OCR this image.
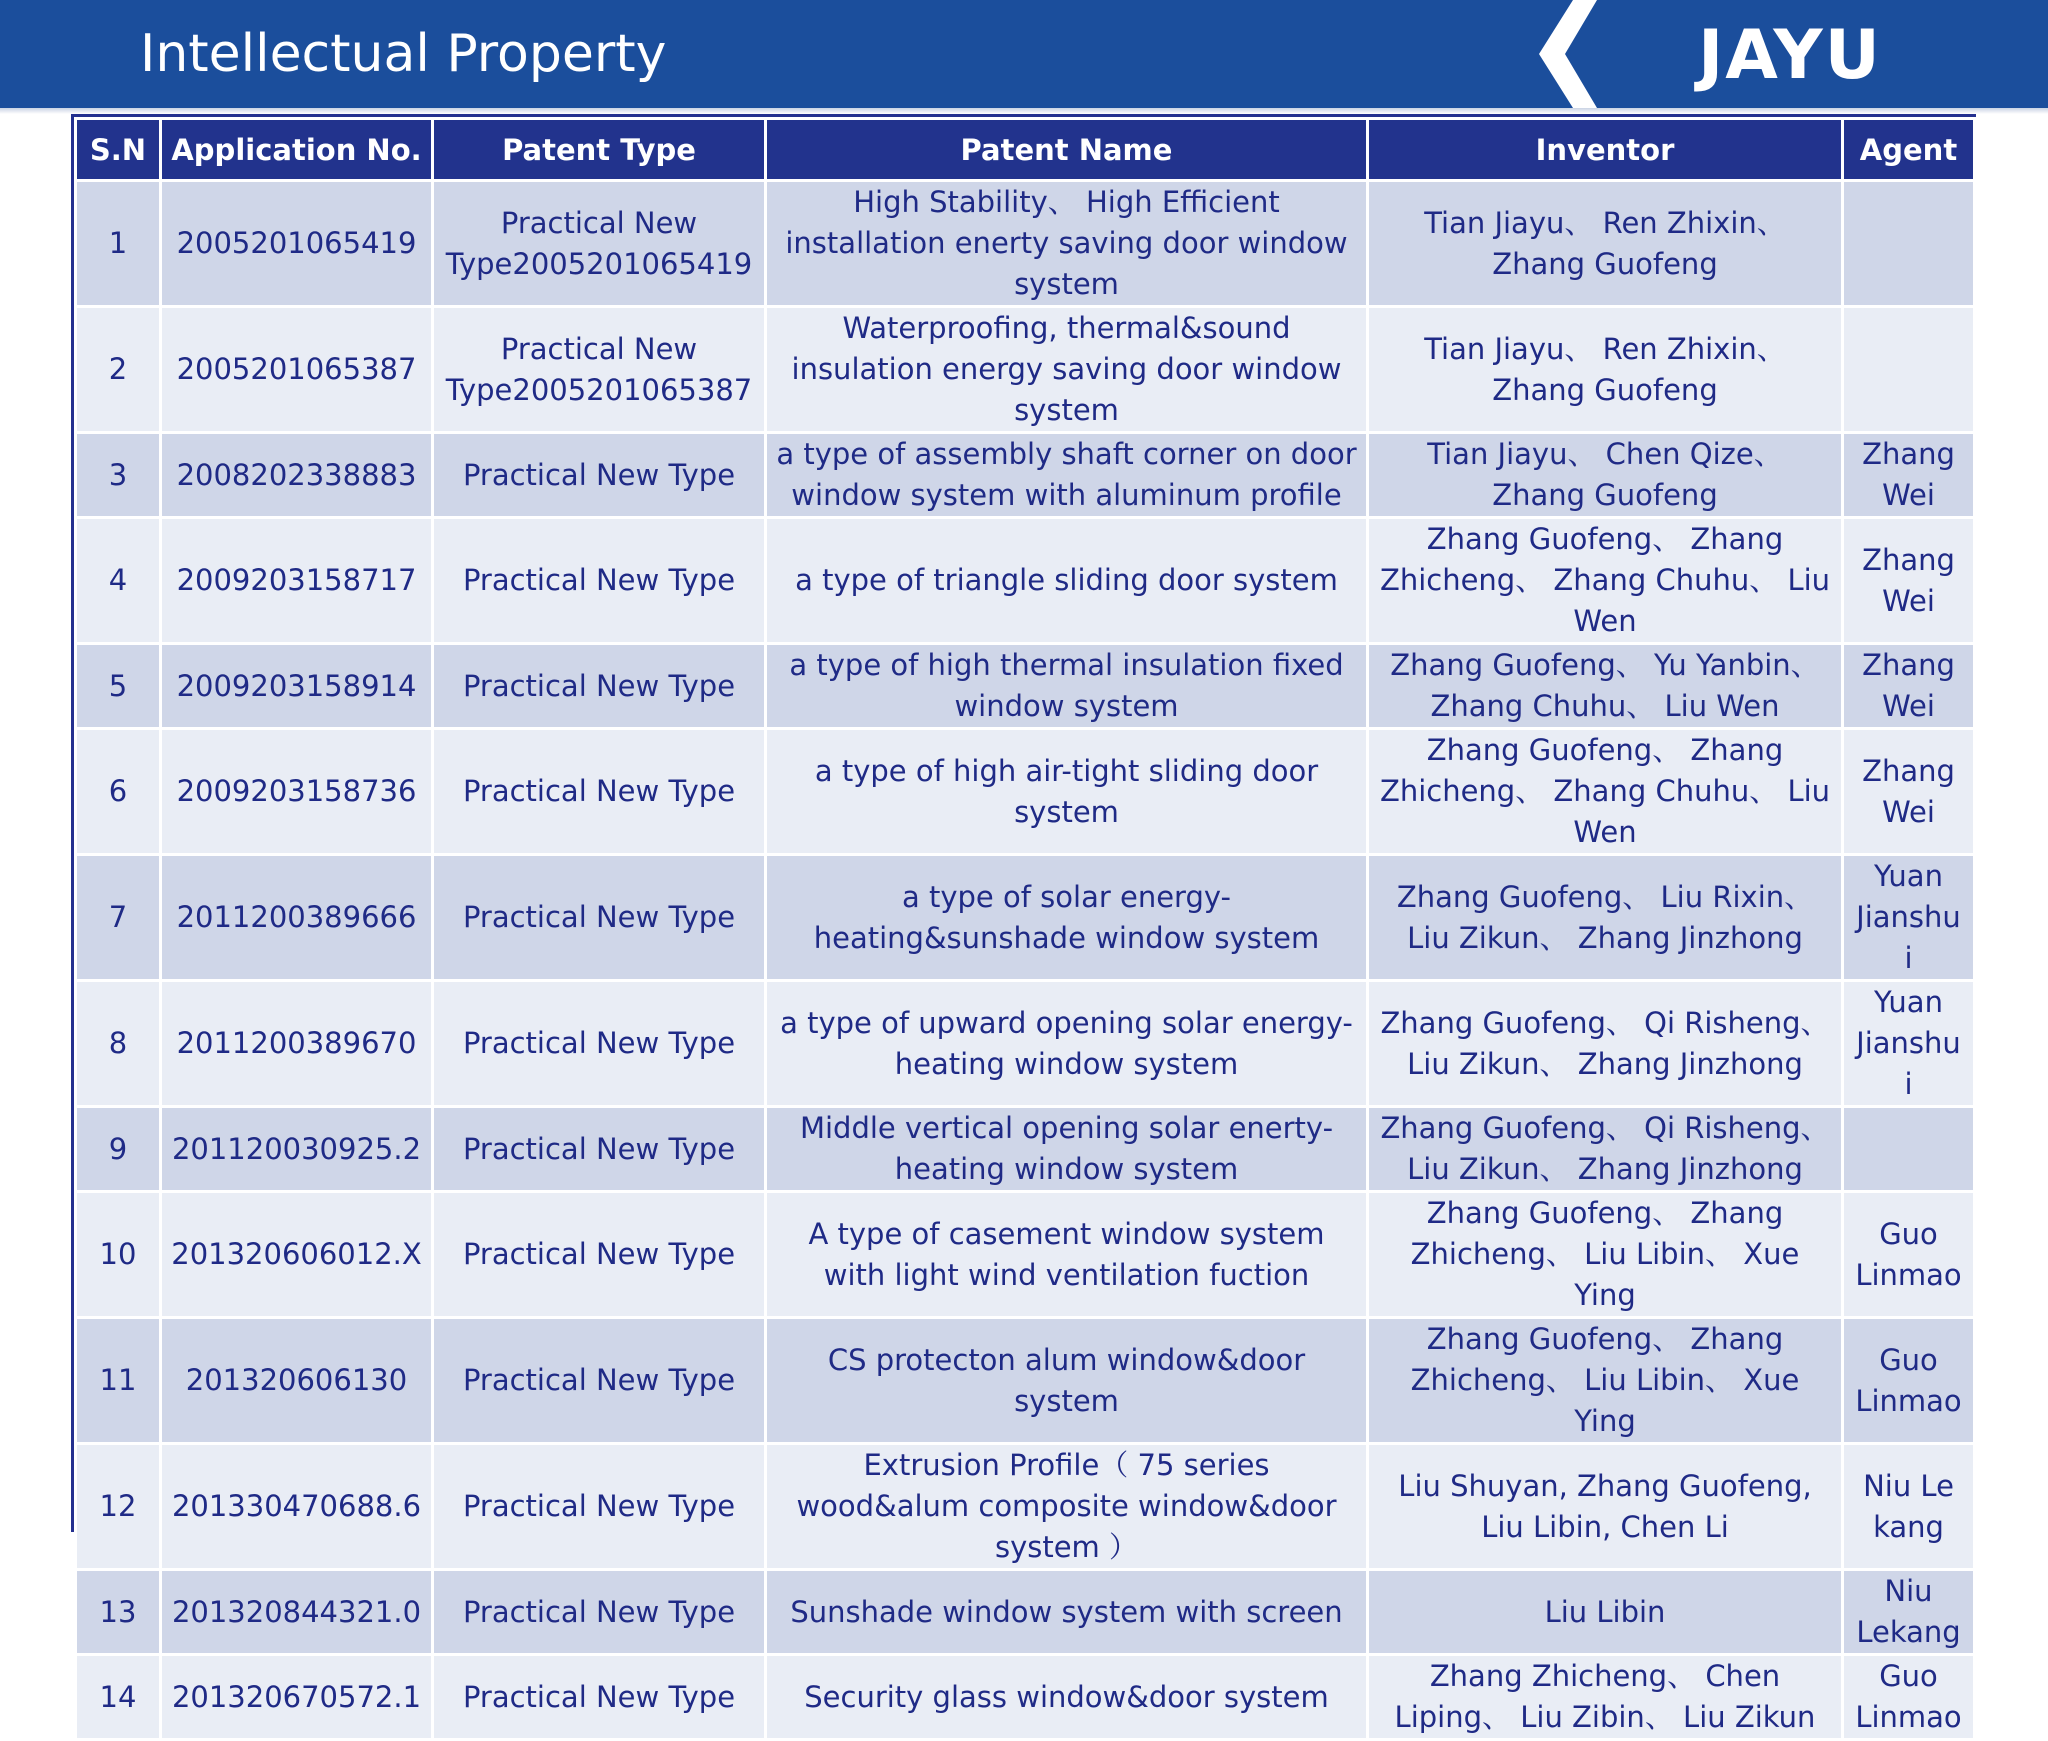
Intellectual Property	JAYU
S.N	Application No.	Patent Type	Patent Name	Inventor	Agent
1	2005201065419	Practical New Type2005201065419	High Stability、 High Efficient installation enerty saving door window system	Tian Jiayu、 Ren Zhixin、 Zhang Guofeng	
2	2005201065387	Practical New Type2005201065387	Waterproofing, thermal&sound insulation energy saving door window system	Tian Jiayu、 Ren Zhixin、 Zhang Guofeng	
3	2008202338883	Practical New Type	a type of assembly shaft corner on door window system with aluminum profile	Tian Jiayu、 Chen Qize、 Zhang Guofeng	Zhang Wei
4	2009203158717	Practical New Type	a type of triangle sliding door system	Zhang Guofeng、 Zhang Zhicheng、 Zhang Chuhu、 Liu Wen	Zhang Wei
5	2009203158914	Practical New Type	a type of high thermal insulation fixed window system	Zhang Guofeng、 Yu Yanbin、 Zhang Chuhu、 Liu Wen	Zhang Wei
6	2009203158736	Practical New Type	a type of high air-tight sliding door system	Zhang Guofeng、 Zhang Zhicheng、 Zhang Chuhu、 Liu Wen	Zhang Wei
7	2011200389666	Practical New Type	a type of solar energy-heating&sunshade window system	Zhang Guofeng、 Liu Rixin、 Liu Zikun、 Zhang Jinzhong	Yuan Jianshu i
8	2011200389670	Practical New Type	a type of upward opening solar energy-heating window system	Zhang Guofeng、 Qi Risheng、 Liu Zikun、 Zhang Jinzhong	Yuan Jianshu i
9	201120030925.2	Practical New Type	Middle vertical opening solar enerty-heating window system	Zhang Guofeng、 Qi Risheng、 Liu Zikun、 Zhang Jinzhong	
10	201320606012.X	Practical New Type	A type of casement window system with light wind ventilation fuction	Zhang Guofeng、 Zhang Zhicheng、 Liu Libin、 Xue Ying	Guo Linmao
11	201320606130	Practical New Type	CS protecton alum window&door system	Zhang Guofeng、 Zhang Zhicheng、 Liu Libin、 Xue Ying	Guo Linmao
12	201330470688.6	Practical New Type	Extrusion Profile（ 75 series wood&alum composite window&door system ）	Liu Shuyan, Zhang Guofeng, Liu Libin, Chen Li	Niu Le kang
13	201320844321.0	Practical New Type	Sunshade window system with screen	Liu Libin	Niu Lekang
14	201320670572.1	Practical New Type	Security glass window&door system	Zhang Zhicheng、 Chen Liping、 Liu Zibin、 Liu Zikun	Guo Linmao
